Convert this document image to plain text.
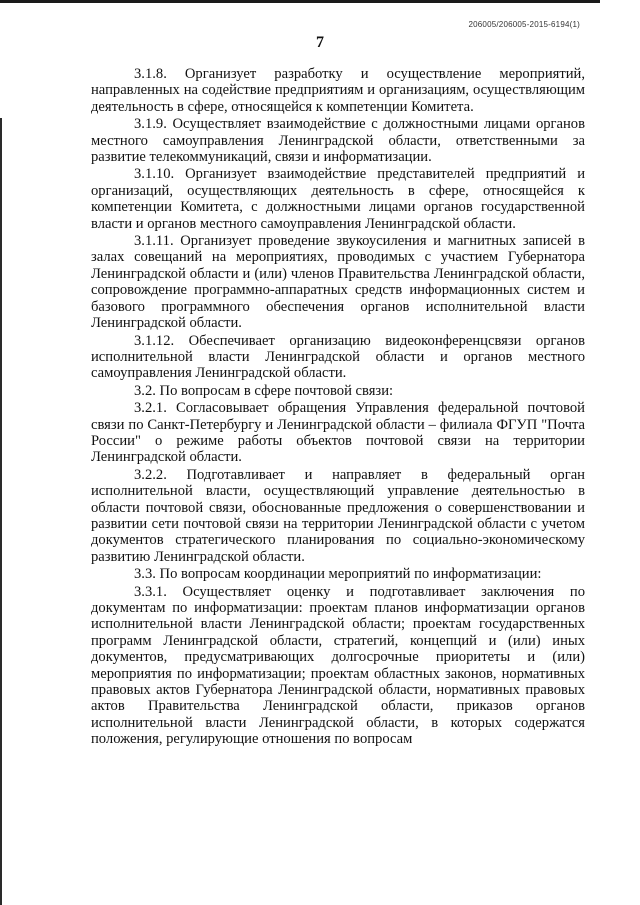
206005/206005-2015-6194(1)
7

3.1.8. Организует разработку и осуществление мероприятий, направленных на содействие предприятиям и организациям, осуществляющим деятельность в сфере, относящейся к компетенции Комитета.

3.1.9. Осуществляет взаимодействие с должностными лицами органов местного самоуправления Ленинградской области, ответственными за развитие телекоммуникаций, связи и информатизации.

3.1.10. Организует взаимодействие представителей предприятий и организаций, осуществляющих деятельность в сфере, относящейся к компетенции Комитета, с должностными лицами органов государственной власти и органов местного самоуправления Ленинградской области.

3.1.11. Организует проведение звукоусиления и магнитных записей в залах совещаний на мероприятиях, проводимых с участием Губернатора Ленинградской области и (или) членов Правительства Ленинградской области, сопровождение программно-аппаратных средств информационных систем и базового программного обеспечения органов исполнительной власти Ленинградской области.

3.1.12. Обеспечивает организацию видеоконференцсвязи органов исполнительной власти Ленинградской области и органов местного самоуправления Ленинградской области.

3.2. По вопросам в сфере почтовой связи:

3.2.1. Согласовывает обращения Управления федеральной почтовой связи по Санкт-Петербургу и Ленинградской области – филиала ФГУП "Почта России" о режиме работы объектов почтовой связи на территории Ленинградской области.

3.2.2. Подготавливает и направляет в федеральный орган исполнительной власти, осуществляющий управление деятельностью в области почтовой связи, обоснованные предложения о совершенствовании и развитии сети почтовой связи на территории Ленинградской области с учетом документов стратегического планирования по социально-экономическому развитию Ленинградской области.

3.3. По вопросам координации мероприятий по информатизации:

3.3.1. Осуществляет оценку и подготавливает заключения по документам по информатизации: проектам планов информатизации органов исполнительной власти Ленинградской области; проектам государственных программ Ленинградской области, стратегий, концепций и (или) иных документов, предусматривающих долгосрочные приоритеты и (или) мероприятия по информатизации; проектам областных законов, нормативных правовых актов Губернатора Ленинградской области, нормативных правовых актов Правительства Ленинградской области, приказов органов исполнительной власти Ленинградской области, в которых содержатся положения, регулирующие отношения по вопросам
